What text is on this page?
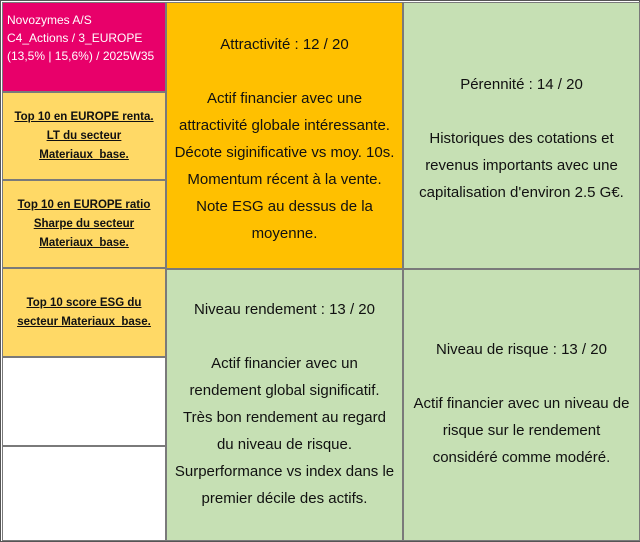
Novozymes A/S
C4_Actions / 3_EUROPE
(13,5% | 15,6%) / 2025W35
Top 10 en EUROPE renta.
LT du secteur
Materiaux_base.
Top 10 en EUROPE ratio
Sharpe du secteur
Materiaux_base.
Top 10 score ESG du
secteur Materiaux_base.
Attractivité : 12 / 20
Actif financier avec une
attractivité globale intéressante.
Décote siginificative vs moy. 10s.
Momentum récent à la vente.
Note ESG au dessus de la
moyenne.
Pérennité : 14 / 20
Historiques des cotations et
revenus importants avec une
capitalisation d'environ 2.5 G€.
Niveau rendement : 13 / 20
Actif financier avec un
rendement global significatif.
Très bon rendement au regard
du niveau de risque.
Surperformance vs index dans le
premier décile des actifs.
Niveau de risque : 13 / 20
Actif financier avec un niveau de
risque sur le rendement
considéré comme modéré.
